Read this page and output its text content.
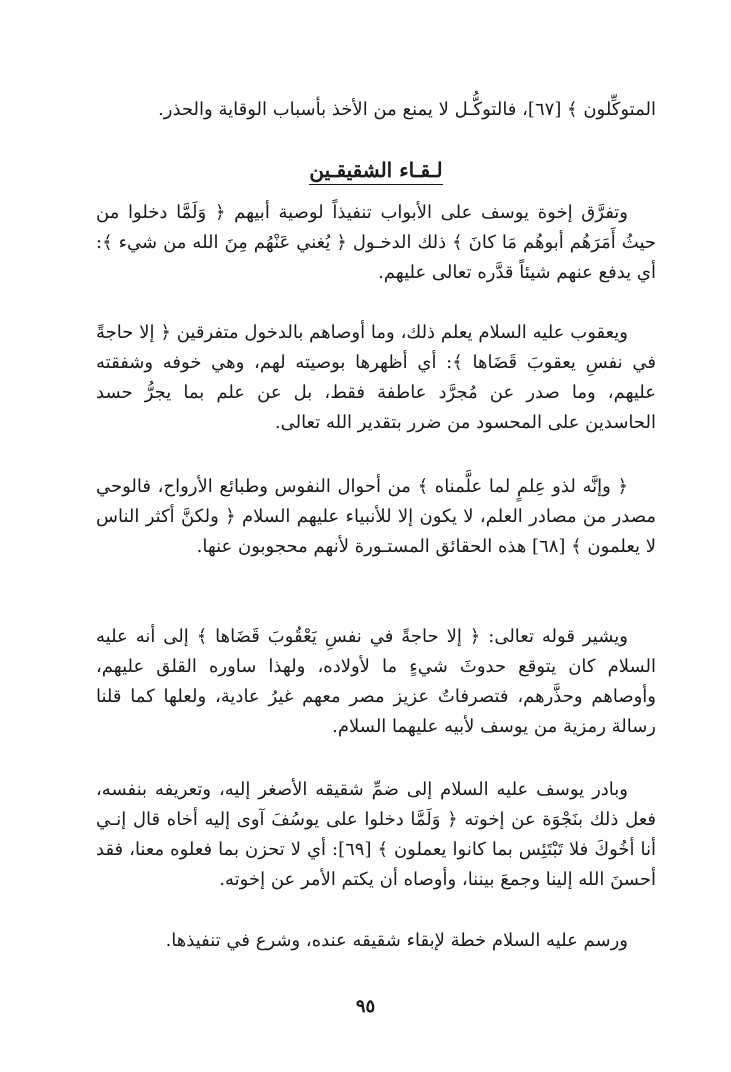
المتوكِّلون ﴾ [٦٧]، فالتوكُّـل لا يمنع من الأخذ بأسباب الوقاية والحذر.
لـقـاء الشقيقـين
وتفرَّق إخوة يوسف على الأبواب تنفيذاً لوصية أبيهم ﴿ وَلَمَّا دخلوا من حيثُ أَمَرَهُم أبوهُم مَا كانَ ﴾ ذلك الدخـول ﴿ يُغني عَنْهُم مِنَ الله من شيء ﴾: أي يدفع عنهم شيئاً قدَّره تعالى عليهم.
ويعقوب عليه السلام يعلم ذلك، وما أوصاهم بالدخول متفرقين ﴿ إلا حاجةً في نفسِ يعقوبَ قَضَاها ﴾: أي أظهرها بوصيته لهم، وهي خوفه وشفقته عليهم، وما صدر عن مُجرَّد عاطفة فقط، بل عن علم بما يجرُّ حسد الحاسدين على المحسود من ضرر بتقدير الله تعالى.
﴿ وإنَّه لذو عِلمٍ لما علَّمناه ﴾ من أحوال النفوس وطبائع الأرواح، فالوحي مصدر من مصادر العلم، لا يكون إلا للأنبياء عليهم السلام ﴿ ولكنَّ أكثر الناس لا يعلمون ﴾ [٦٨] هذه الحقائق المستـورة لأنهم محجوبون عنها.
ويشير قوله تعالى: ﴿ إلا حاجةً في نفسِ يَعْقُوبَ قَضَاها ﴾ إلى أنه عليه السلام كان يتوقع حدوثَ شيءٍ ما لأولاده، ولهذا ساوره القلق عليهم، وأوصاهم وحذَّرهم، فتصرفاتُ عزيز مصر معهم غيرُ عادية، ولعلها كما قلنا رسالة رمزية من يوسف لأبيه عليهما السلام.
وبادر يوسف عليه السلام إلى ضمِّ شقيقه الأصغر إليه، وتعريفه بنفسه، فعل ذلك بنَجْوَة عن إخوته ﴿ وَلَمَّا دخلوا على يوسُفَ آوى إليه أخاه قال إنـي أنا أخُوكَ فلا تَبْتَئِس بما كانوا يعملون ﴾ [٦٩]: أي لا تحزن بما فعلوه معنا، فقد أحسنَ الله إلينا وجمعَ بيننا، وأوصاه أن يكتم الأمر عن إخوته.
ورسم عليه السلام خطة لإبقاء شقيقه عنده، وشرع في تنفيذها.
٩٥
